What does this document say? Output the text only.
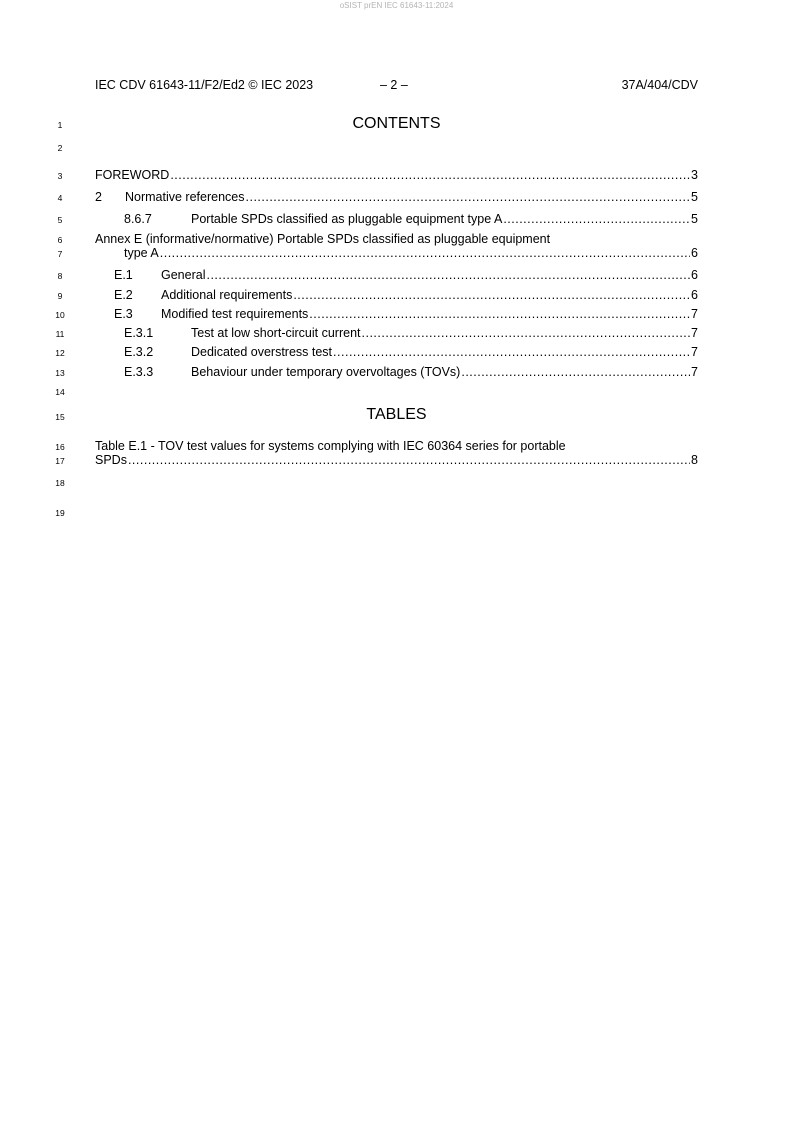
oSIST prEN IEC 61643-11:2024
IEC CDV 61643-11/F2/Ed2 © IEC 2023	– 2 –	37A/404/CDV
1
2
3
4
5
6
7
8
9
10
11
12
13
14
15
16
17
18
19
CONTENTS
FOREWORD .....	3
2	Normative references .....	5
8.6.7	Portable SPDs classified as pluggable equipment type A .....	5
Annex E (informative/normative) Portable SPDs classified as pluggable equipment
type A .....	6
E.1	General .....	6
E.2	Additional requirements .....	6
E.3	Modified test requirements .....	7
E.3.1	Test at low short-circuit current .....	7
E.3.2	Dedicated overstress test .....	7
E.3.3	Behaviour under temporary overvoltages (TOVs) .....	7
TABLES
Table E.1 - TOV test values for systems complying with IEC 60364 series for portable
SPDs .....	8
